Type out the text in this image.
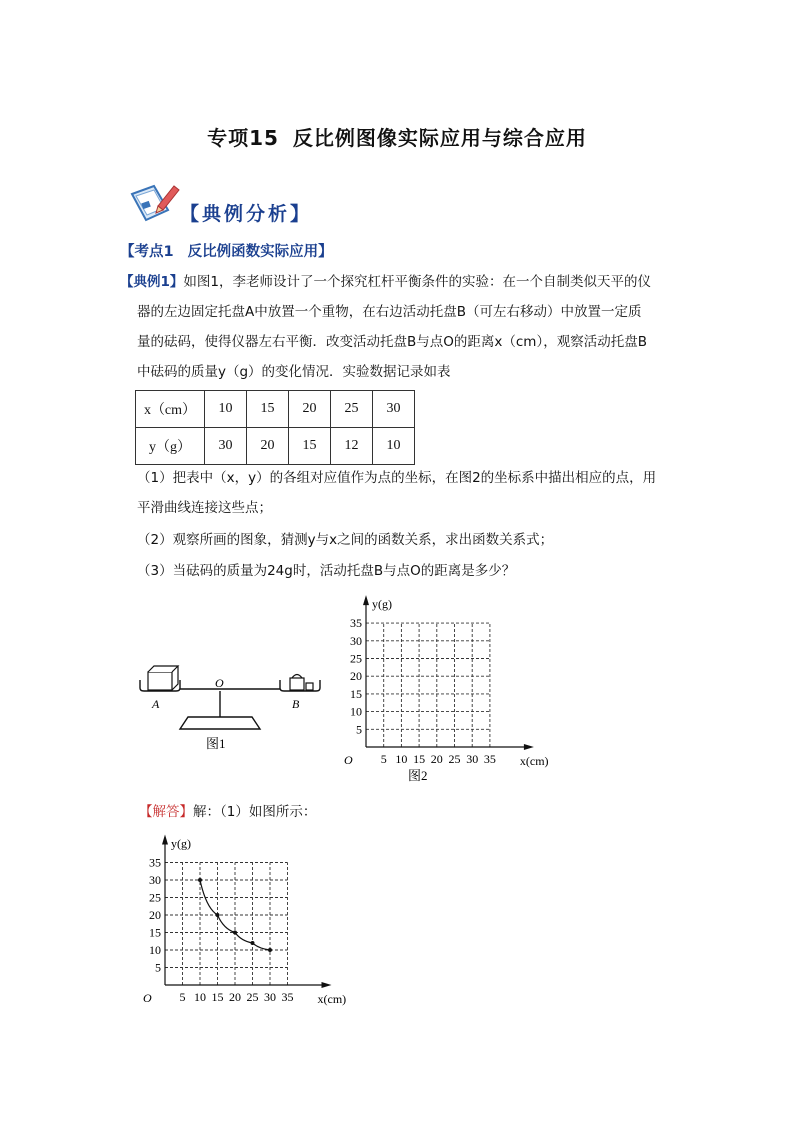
专项15 反比例图像实际应用与综合应用
【典例分析】
【考点1 反比例函数实际应用】
【典例1】如图1，李老师设计了一个探究杠杆平衡条件的实验：在一个自制类似天平的仪
器的左边固定托盘A中放置一个重物，在右边活动托盘B（可左右移动）中放置一定质
量的砝码，使得仪器左右平衡．改变活动托盘B与点O的距离x（cm），观察活动托盘B
中砝码的质量y（g）的变化情况．实验数据记录如表
x（cm）	10	15	20	25	30
y（g）	30	20	15	12	10
（1）把表中（x，y）的各组对应值作为点的坐标，在图2的坐标系中描出相应的点，用
平滑曲线连接这些点；
（2）观察所画的图象，猜测y与x之间的函数关系，求出函数关系式；
（3）当砝码的质量为24g时，活动托盘B与点O的距离是多少？
A
O
B
图1
35
30
25
20
15
10
5
5 10 15 20 25 30 35
y(g)
x(cm)
O
图2
【解答】解：（1）如图所示：
35
30
25
20
15
10
5
5 10 15 20 25 30 35
y(g)
x(cm)
O
